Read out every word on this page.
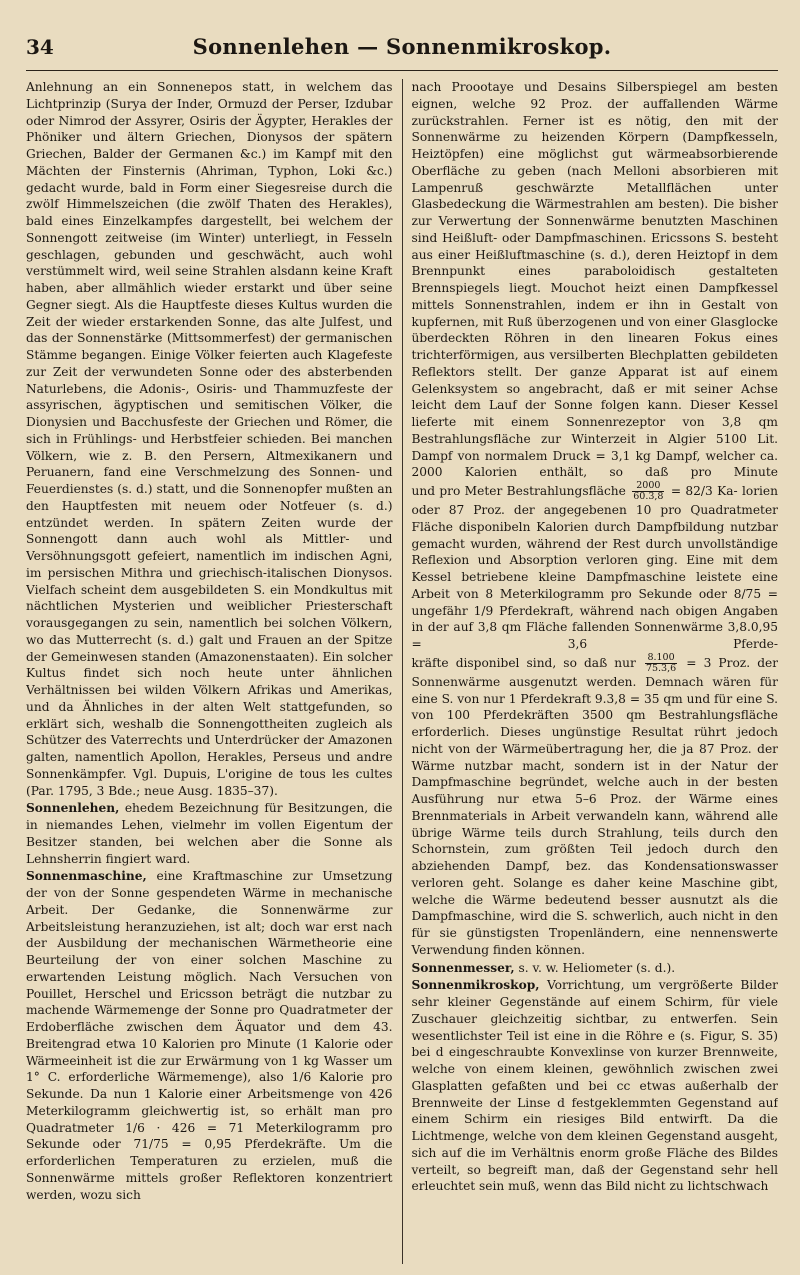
34	Sonnenlehen — Sonnenmikroskop.

Anlehnung an ein Sonnenepos statt, in welchem das Lichtprinzip (Surya der Inder, Ormuzd der Perser, Izdubar oder Nimrod der Assyrer, Osiris der Ägypter, Herakles der Phöniker und ältern Griechen, Dionysos der spätern Griechen, Balder der Germanen &c.) im Kampf mit den Mächten der Finsternis (Ahriman, Typhon, Loki &c.) gedacht wurde, bald in Form einer Siegesreise durch die zwölf Himmelszeichen (die zwölf Thaten des Herakles), bald eines Einzelkampfes dargestellt, bei welchem der Sonnengott zeitweise (im Winter) unterliegt, in Fesseln geschlagen, gebunden und geschwächt, auch wohl verstümmelt wird, weil seine Strahlen alsdann keine Kraft haben, aber allmählich wieder erstarkt und über seine Gegner siegt. Als die Hauptfeste dieses Kultus wurden die Zeit der wieder erstarkenden Sonne, das alte Julfest, und das der Sonnenstärke (Mittsommerfest) der germanischen Stämme begangen. Einige Völker feierten auch Klagefeste zur Zeit der verwundeten Sonne oder des absterbenden Naturlebens, die Adonis-, Osiris- und Thammuzfeste der assyrischen, ägyptischen und semitischen Völker, die Dionysien und Bacchusfeste der Griechen und Römer, die sich in Frühlings- und Herbstfeier schieden. Bei manchen Völkern, wie z. B. den Persern, Altmexikanern und Peruanern, fand eine Verschmelzung des Sonnen- und Feuerdienstes (s. d.) statt, und die Sonnenopfer mußten an den Hauptfesten mit neuem oder Notfeuer (s. d.) entzündet werden. In spätern Zeiten wurde der Sonnengott dann auch wohl als Mittler- und Versöhnungsgott gefeiert, namentlich im indischen Agni, im persischen Mithra und griechisch-italischen Dionysos. Vielfach scheint dem ausgebildeten S. ein Mondkultus mit nächtlichen Mysterien und weiblicher Priesterschaft vorausgegangen zu sein, namentlich bei solchen Völkern, wo das Mutterrecht (s. d.) galt und Frauen an der Spitze der Gemeinwesen standen (Amazonenstaaten). Ein solcher Kultus findet sich noch heute unter ähnlichen Verhältnissen bei wilden Völkern Afrikas und Amerikas, und da Ähnliches in der alten Welt stattgefunden, so erklärt sich, weshalb die Sonnengottheiten zugleich als Schützer des Vaterrechts und Unterdrücker der Amazonen galten, namentlich Apollon, Herakles, Perseus und andre Sonnenkämpfer. Vgl. Dupuis, L'origine de tous les cultes (Par. 1795, 3 Bde.; neue Ausg. 1835–37).

Sonnenlehen, ehedem Bezeichnung für Besitzungen, die in niemandes Lehen, vielmehr im vollen Eigentum der Besitzer standen, bei welchen aber die Sonne als Lehnsherrin fingiert ward.

Sonnenmaschine, eine Kraftmaschine zur Umsetzung der von der Sonne gespendeten Wärme in mechanische Arbeit. Der Gedanke, die Sonnenwärme zur Arbeitsleistung heranzuziehen, ist alt; doch war erst nach der Ausbildung der mechanischen Wärmetheorie eine Beurteilung der von einer solchen Maschine zu erwartenden Leistung möglich. Nach Versuchen von Pouillet, Herschel und Ericsson beträgt die nutzbar zu machende Wärmemenge der Sonne pro Quadratmeter der Erdoberfläche zwischen dem Äquator und dem 43. Breitengrad etwa 10 Kalorien pro Minute (1 Kalorie oder Wärmeeinheit ist die zur Erwärmung von 1 kg Wasser um 1° C. erforderliche Wärmemenge), also 1/6 Kalorie pro Sekunde. Da nun 1 Kalorie einer Arbeitsmenge von 426 Meterkilogramm gleichwertig ist, so erhält man pro Quadratmeter 1/6 · 426 = 71 Meterkilogramm pro Sekunde oder 71/75 = 0,95 Pferdekräfte. Um die erforderlichen Temperaturen zu erzielen, muß die Sonnenwärme mittels großer Reflektoren konzentriert werden, wozu sich

nach Proootaye und Desains Silberspiegel am besten eignen, welche 92 Proz. der auffallenden Wärme zurückstrahlen. Ferner ist es nötig, den mit der Sonnenwärme zu heizenden Körpern (Dampfkesseln, Heiztöpfen) eine möglichst gut wärmeabsorbierende Oberfläche zu geben (nach Melloni absorbieren mit Lampenruß geschwärzte Metallflächen unter Glasbedeckung die Wärmestrahlen am besten). Die bisher zur Verwertung der Sonnenwärme benutzten Maschinen sind Heißluft- oder Dampfmaschinen. Ericssons S. besteht aus einer Heißluftmaschine (s. d.), deren Heiztopf in dem Brennpunkt eines paraboloidisch gestalteten Brennspiegels liegt. Mouchot heizt einen Dampfkessel mittels Sonnenstrahlen, indem er ihn in Gestalt von kupfernen, mit Ruß überzogenen und von einer Glasglocke überdeckten Röhren in den linearen Fokus eines trichterförmigen, aus versilberten Blechplatten gebildeten Reflektors stellt. Der ganze Apparat ist auf einem Gelenksystem so angebracht, daß er mit seiner Achse leicht dem Lauf der Sonne folgen kann. Dieser Kessel lieferte mit einem Sonnenrezeptor von 3,8 qm Bestrahlungsfläche zur Winterzeit in Algier 5100 Lit. Dampf von normalem Druck = 3,1 kg Dampf, welcher ca. 2000 Kalorien enthält, so daß pro Minute und pro Meter Bestrahlungsfläche $\frac{2000}{60.3,8} = 82/3$ Ka- lorien oder 87 Proz. der angegebenen 10 pro Quadratmeter Fläche disponibeln Kalorien durch Dampfbildung nutzbar gemacht wurden, während der Rest durch unvollständige Reflexion und Absorption verloren ging. Eine mit dem Kessel betriebene kleine Dampfmaschine leistete eine Arbeit von 8 Meterkilogramm pro Sekunde oder 8/75 = ungefähr 1/9 Pferdekraft, während nach obigen Angaben in der auf 3,8 qm Fläche fallenden Sonnenwärme 3,8.0,95 = 3,6 Pferde- kräfte disponibel sind, so daß nur $\frac{8.100}{75.3,6} = 3$ Proz. der Sonnenwärme ausgenutzt werden. Demnach wären für eine S. von nur 1 Pferdekraft 9.3,8 = 35 qm und für eine S. von 100 Pferdekräften 3500 qm Bestrahlungsfläche erforderlich. Dieses ungünstige Resultat rührt jedoch nicht von der Wärmeübertragung her, die ja 87 Proz. der Wärme nutzbar macht, sondern ist in der Natur der Dampfmaschine begründet, welche auch in der besten Ausführung nur etwa 5–6 Proz. der Wärme eines Brennmaterials in Arbeit verwandeln kann, während alle übrige Wärme teils durch Strahlung, teils durch den Schornstein, zum größten Teil jedoch durch den abziehenden Dampf, bez. das Kondensationswasser verloren geht. Solange es daher keine Maschine gibt, welche die Wärme bedeutend besser ausnutzt als die Dampfmaschine, wird die S. schwerlich, auch nicht in den für sie günstigsten Tropenländern, eine nennenswerte Verwendung finden können.

Sonnenmesser, s. v. w. Heliometer (s. d.).

Sonnenmikroskop, Vorrichtung, um vergrößerte Bilder sehr kleiner Gegenstände auf einem Schirm, für viele Zuschauer gleichzeitig sichtbar, zu entwerfen. Sein wesentlichster Teil ist eine in die Röhre e (s. Figur, S. 35) bei d eingeschraubte Konvexlinse von kurzer Brennweite, welche von einem kleinen, gewöhnlich zwischen zwei Glasplatten gefaßten und bei cc etwas außerhalb der Brennweite der Linse d festgeklemmten Gegenstand auf einem Schirm ein riesiges Bild entwirft. Da die Lichtmenge, welche von dem kleinen Gegenstand ausgeht, sich auf die im Verhältnis enorm große Fläche des Bildes verteilt, so begreift man, daß der Gegenstand sehr hell erleuchtet sein muß, wenn das Bild nicht zu lichtschwach
